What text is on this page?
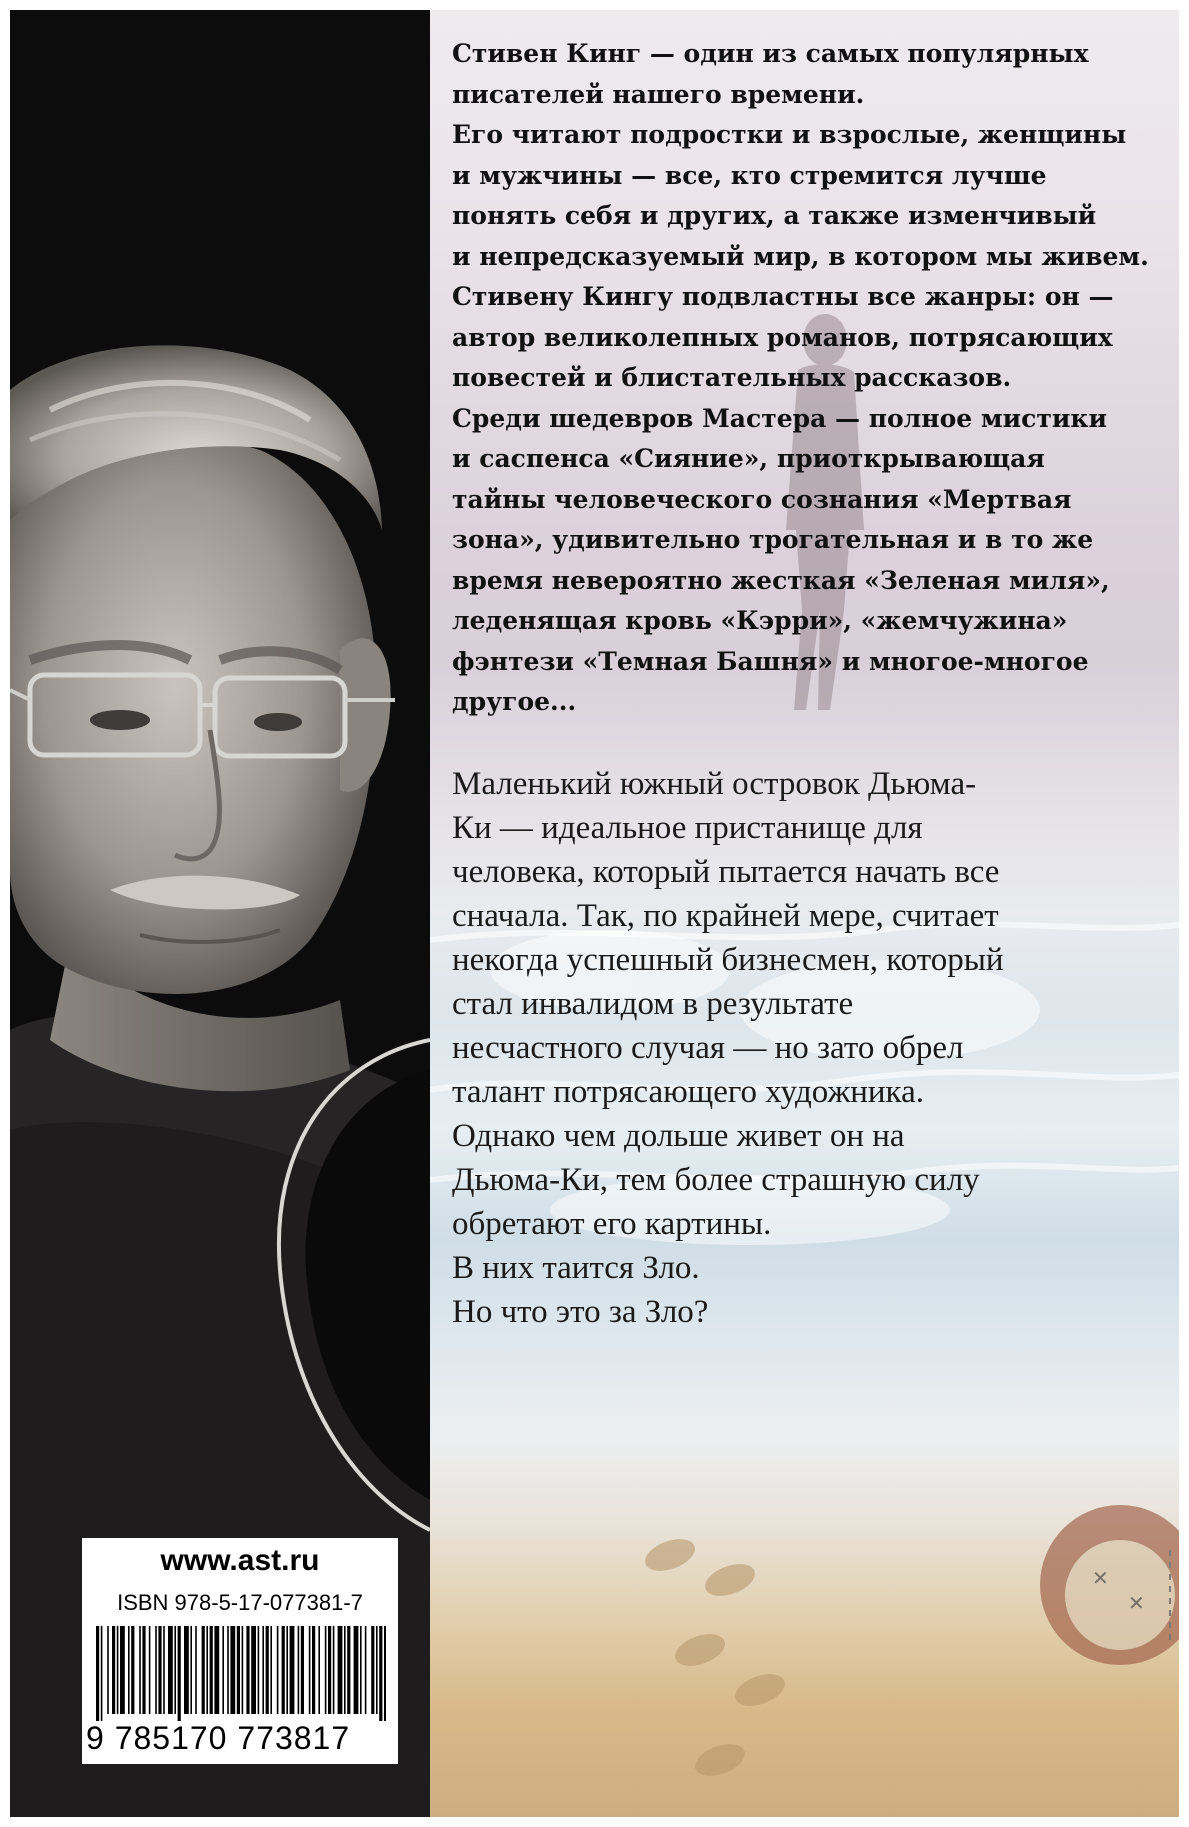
✕
✕
Стивен Кинг — один из самых популярных
писателей нашего времени.
Его читают подростки и взрослые, женщины
и мужчины — все, кто стремится лучше
понять себя и других, а также изменчивый
и непредсказуемый мир, в котором мы живем.
Стивену Кингу подвластны все жанры: он —
автор великолепных романов, потрясающих
повестей и блистательных рассказов.
Среди шедевров Мастера — полное мистики
и саспенса «Сияние», приоткрывающая
тайны человеческого сознания «Мертвая
зона», удивительно трогательная и в то же
время невероятно жесткая «Зеленая миля»,
леденящая кровь «Кэрри», «жемчужина»
фэнтези «Темная Башня» и многое-многое
другое...
Маленький южный островок Дьюма-
Ки — идеальное пристанище для
человека, который пытается начать все
сначала. Так, по крайней мере, считает
некогда успешный бизнесмен, который
стал инвалидом в результате
несчастного случая — но зато обрел
талант потрясающего художника.
Однако чем дольше живет он на
Дьюма-Ки, тем более страшную силу
обретают его картины.
В них таится Зло.
Но что это за Зло?
www.ast.ru
ISBN 978-5-17-077381-7
9 785170 773817
